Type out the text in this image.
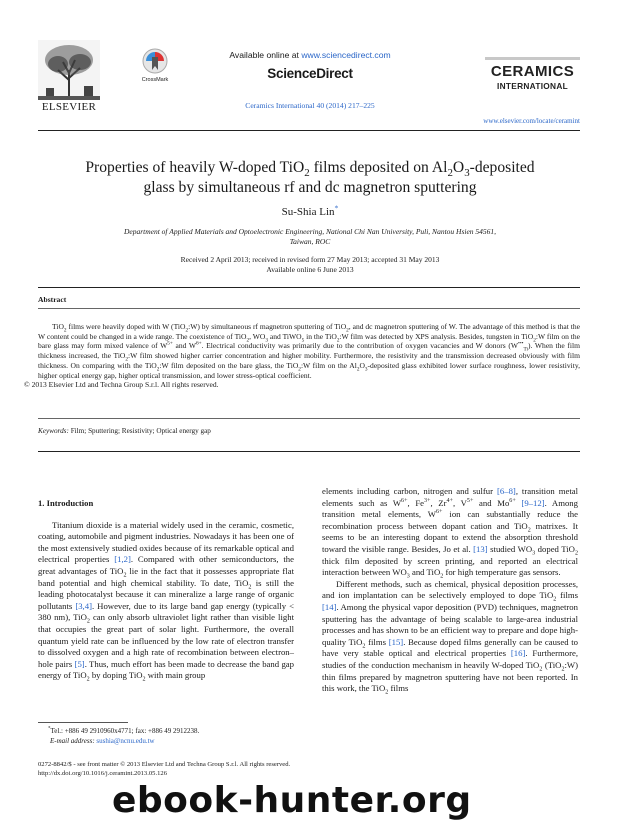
ELSEVIER
CrossMark
Available online at www.sciencedirect.com
ScienceDirect
Ceramics International 40 (2014) 217–225
CERAMICS
INTERNATIONAL
www.elsevier.com/locate/ceramint
Properties of heavily W-doped TiO$_2$ films deposited on $Al_2O_3$-deposited
glass by simultaneous rf and dc magnetron sputtering
Su-Shia Lin*
Department of Applied Materials and Optoelectronic Engineering, National Chi Nan University, Puli, Nantou Hsien 54561,
Taiwan, ROC
Received 2 April 2013; received in revised form 27 May 2013; accepted 31 May 2013
Available online 6 June 2013
Abstract
TiO$_2$ films were heavily doped with W (TiO$_2$:W) by simultaneous rf magnetron sputtering of TiO$_2$, and dc magnetron sputtering of W. The advantage of this method is that the W content could be changed in a wide range. The coexistence of TiO$_2$, $WO_3$ and TiWO$_5$ in the TiO$_2$:W film was detected by XPS analysis. Besides, tungsten in TiO$_2$:W film on the bare glass may form mixed valence of $W^{5+}$ and $W^{6+}$. Electrical conductivity was primarily due to the contribution of oxygen vacancies and W donors $(W^{•••}_{Ti})$. When the film thickness increased, the TiO$_2$:W film showed higher carrier concentration and higher mobility. Furthermore, the resistivity and the transmission decreased obviously with film thickness. On comparing with the TiO$_2$:W film deposited on the bare glass, the TiO$_2$:W film on the $Al_2O_3$-deposited glass exhibited lower surface roughness, lower resistivity, higher optical energy gap, higher optical transmission, and lower stress-optical coefficient.
© 2013 Elsevier Ltd and Techna Group S.r.l. All rights reserved.
Keywords: Film; Sputtering; Resistivity; Optical energy gap

1. Introduction

Titanium dioxide is a material widely used in the ceramic, cosmetic, coating, automobile and pigment industries. Nowadays it has been one of the most extensively studied oxides because of its remarkable optical and electrical properties [1,2]. Compared with other semiconductors, the great advantages of TiO$_2$ lie in the fact that it possesses appropriate flat band potential and high chemical stability. To date, TiO$_2$ is still the leading photocatalyst because it can mineralize a large range of organic pollutants [3,4]. However, due to its large band gap energy (typically < 380 nm), TiO$_2$ can only absorb ultraviolet light rather than visible light that occupies the great part of solar light. Furthermore, the overall quantum yield rate can be influenced by the low rate of electron transfer to dissolved oxygen and a high rate of recombination between electron–hole pairs [5]. Thus, much effort has been made to decrease the band gap energy of TiO$_2$ by doping TiO$_2$ with main group

elements including carbon, nitrogen and sulfur [6–8], transition metal elements such as $W^{6+}$, $Fe^{3+}$, $Zr^{4+}$, $V^{5+}$ and $Mo^{6+}$ [9–12]. Among transition metal elements, $W^{6+}$ ion can substantially reduce the recombination process between dopant cation and TiO$_2$ matrixes. It seems to be an interesting dopant to extend the absorption threshold toward the visible range. Besides, Jo et al. [13] studied $WO_3$ doped TiO$_2$ thick film deposited by screen printing, and reported an electrical interaction between $WO_3$ and TiO$_2$ for high temperature gas sensors.

Different methods, such as chemical, physical deposition processes, and ion implantation can be selectively employed to dope TiO$_2$ films [14]. Among the physical vapor deposition (PVD) techniques, magnetron sputtering has the advantage of being scalable to large-area industrial processes and has shown to be an efficient way to prepare and dope high-quality TiO$_2$ films [15]. Because doped films generally can be caused to have very stable optical and electrical properties [16]. Furthermore, studies of the conduction mechanism in heavily W-doped TiO$_2$ (TiO$_2$:W) thin films prepared by magnetron sputtering have not been reported. In this work, the TiO$_2$ films

*Tel.: +886 49 2910960x4771; fax: +886 49 2912238.
E-mail address: sushia@ncnu.edu.tw
0272-8842/$ - see front matter © 2013 Elsevier Ltd and Techna Group S.r.l. All rights reserved.
http://dx.doi.org/10.1016/j.ceramint.2013.05.126
ebook-hunter.org
